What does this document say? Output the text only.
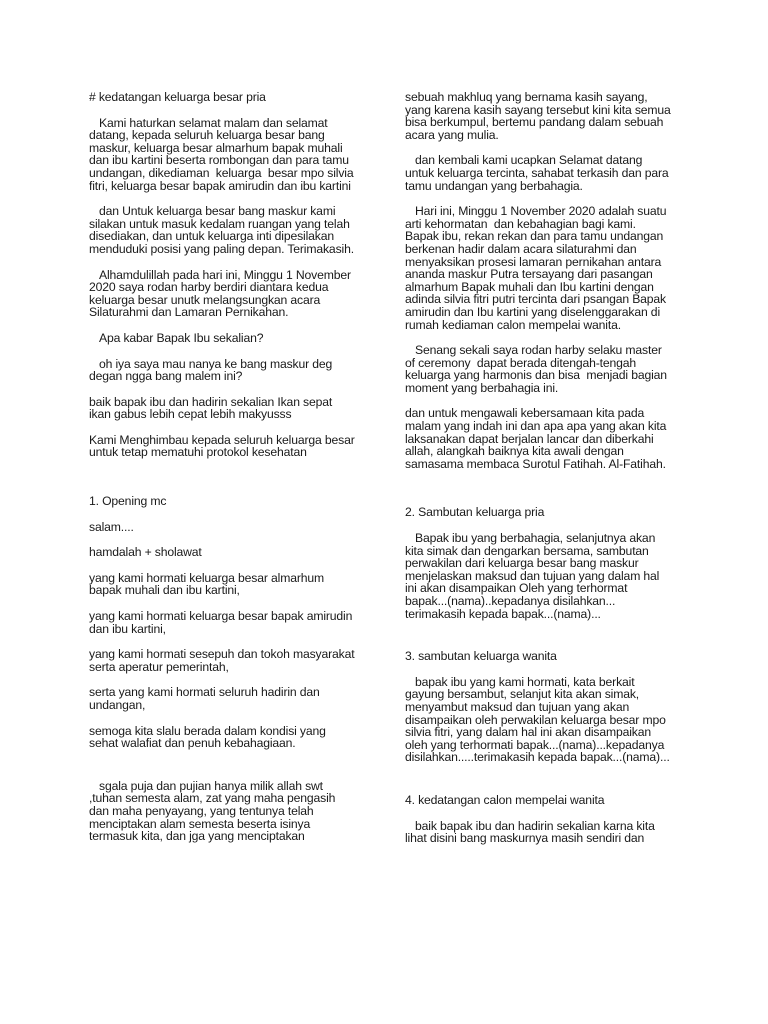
# kedatangan keluarga besar pria

Kami haturkan selamat malam dan selamat datang, kepada seluruh keluarga besar bang maskur, keluarga besar almarhum bapak muhali dan ibu kartini beserta rombongan dan para tamu undangan, dikediaman  keluarga  besar mpo silvia fitri, keluarga besar bapak amirudin dan ibu kartini

dan Untuk keluarga besar bang maskur kami silakan untuk masuk kedalam ruangan yang telah disediakan, dan untuk keluarga inti dipesilakan menduduki posisi yang paling depan. Terimakasih.

Alhamdulillah pada hari ini, Minggu 1 November 2020 saya rodan harby berdiri diantara kedua keluarga besar unutk melangsungkan acara Silaturahmi dan Lamaran Pernikahan.

Apa kabar Bapak Ibu sekalian?

oh iya saya mau nanya ke bang maskur deg degan ngga bang malem ini?

baik bapak ibu dan hadirin sekalian Ikan sepat ikan gabus lebih cepat lebih makyusss

Kami Menghimbau kepada seluruh keluarga besar untuk tetap mematuhi protokol kesehatan

1. Opening mc

salam....

hamdalah + sholawat

yang kami hormati keluarga besar almarhum bapak muhali dan ibu kartini,

yang kami hormati keluarga besar bapak amirudin dan ibu kartini,

yang kami hormati sesepuh dan tokoh masyarakat serta aperatur pemerintah,

serta yang kami hormati seluruh hadirin dan undangan,

semoga kita slalu berada dalam kondisi yang sehat walafiat dan penuh kebahagiaan.

sgala puja dan pujian hanya milik allah swt ,tuhan semesta alam, zat yang maha pengasih dan maha penyayang, yang tentunya telah menciptakan alam semesta beserta isinya termasuk kita, dan jga yang menciptakan

sebuah makhluq yang bernama kasih sayang, yang karena kasih sayang tersebut kini kita semua bisa berkumpul, bertemu pandang dalam sebuah acara yang mulia.

dan kembali kami ucapkan Selamat datang untuk keluarga tercinta, sahabat terkasih dan para tamu undangan yang berbahagia.

Hari ini, Minggu 1 November 2020 adalah suatu arti kehormatan  dan kebahagian bagi kami. Bapak ibu, rekan rekan dan para tamu undangan berkenan hadir dalam acara silaturahmi dan  menyaksikan prosesi lamaran pernikahan antara ananda maskur Putra tersayang dari pasangan almarhum Bapak muhali dan Ibu kartini dengan adinda silvia fitri putri tercinta dari psangan Bapak amirudin dan Ibu kartini yang diselenggarakan di rumah kediaman calon mempelai wanita.

Senang sekali saya rodan harby selaku master of ceremony  dapat berada ditengah-tengah keluarga yang harmonis dan bisa  menjadi bagian moment yang berbahagia ini.

dan untuk mengawali kebersamaan kita pada malam yang indah ini dan apa apa yang akan kita laksanakan dapat berjalan lancar dan diberkahi allah, alangkah baiknya kita awali dengan samasama membaca Surotul Fatihah. Al-Fatihah.

2. Sambutan keluarga pria

Bapak ibu yang berbahagia, selanjutnya akan kita simak dan dengarkan bersama, sambutan perwakilan dari keluarga besar bang maskur menjelaskan maksud dan tujuan yang dalam hal ini akan disampaikan Oleh yang terhormat bapak...(nama)..kepadanya disilahkan... terimakasih kepada bapak...(nama)...

3. sambutan keluarga wanita

bapak ibu yang kami hormati, kata berkait gayung bersambut, selanjut kita akan simak, menyambut maksud dan tujuan yang akan disampaikan oleh perwakilan keluarga besar mpo silvia fitri, yang dalam hal ini akan disampaikan oleh yang terhormati bapak...(nama)...kepadanya disilahkan.....terimakasih kepada bapak...(nama)...

4. kedatangan calon mempelai wanita

baik bapak ibu dan hadirin sekalian karna kita lihat disini bang maskurnya masih sendiri dan
